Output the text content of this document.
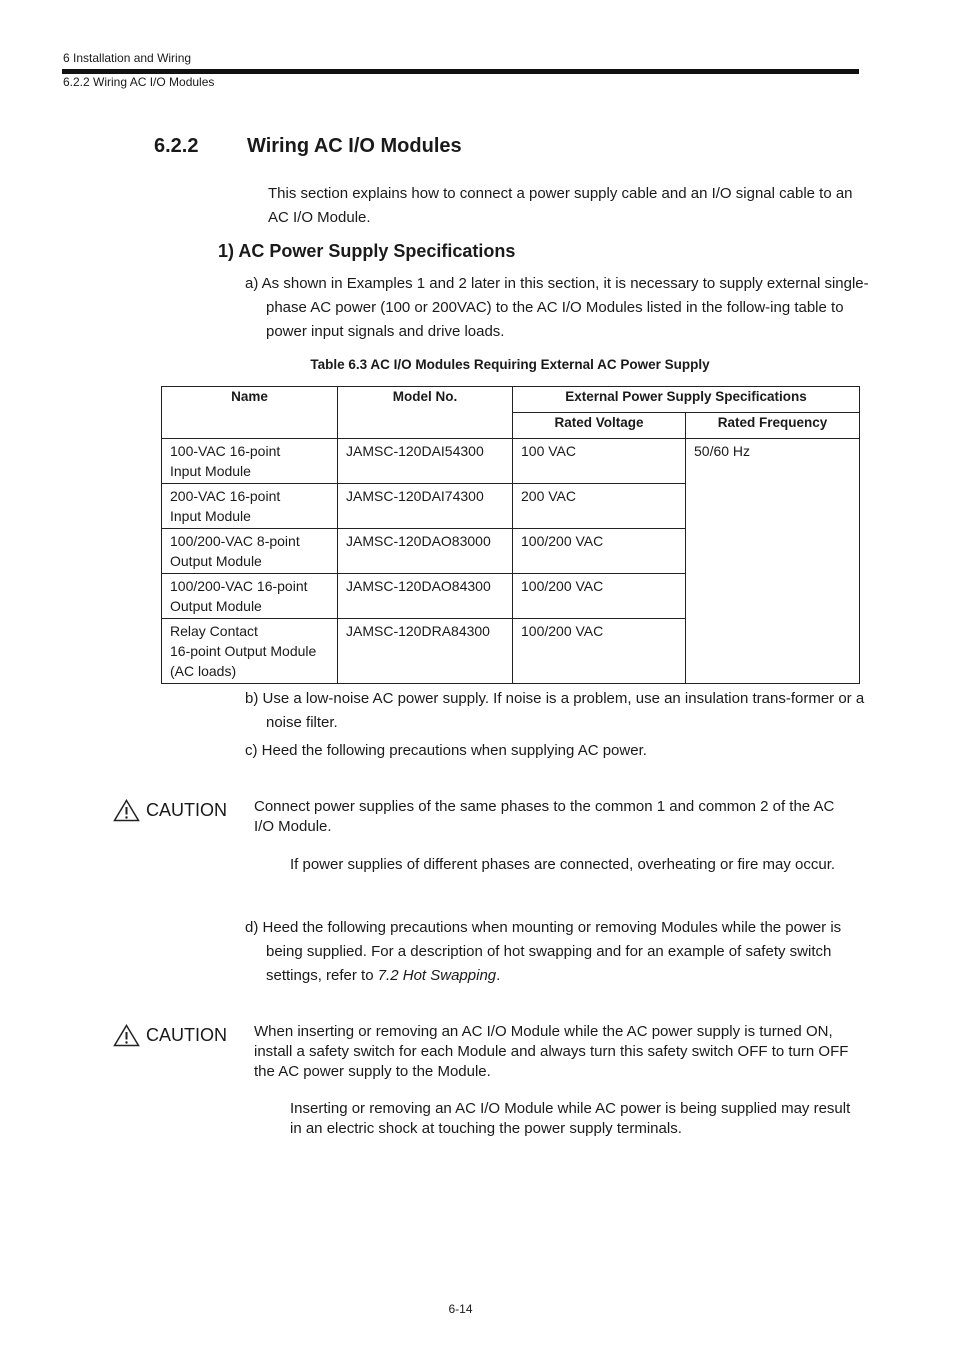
6 Installation and Wiring
6.2.2 Wiring AC I/O Modules
6.2.2 Wiring AC I/O Modules
This section explains how to connect a power supply cable and an I/O signal cable to an AC I/O Module.
1) AC Power Supply Specifications
a) As shown in Examples 1 and 2 later in this section, it is necessary to supply external single-phase AC power (100 or 200VAC) to the AC I/O Modules listed in the follow-ing table to power input signals and drive loads.
Table 6.3 AC I/O Modules Requiring External AC Power Supply
Name	Model No.	External Power Supply Specifications	
		Rated Voltage	Rated Frequency
100-VAC 16-point
Input Module	JAMSC-120DAI54300	100 VAC	50/60 Hz
200-VAC 16-point
Input Module	JAMSC-120DAI74300	200 VAC	
100/200-VAC 8-point
Output Module	JAMSC-120DAO83000	100/200 VAC	
100/200-VAC 16-point
Output Module	JAMSC-120DAO84300	100/200 VAC	
Relay Contact
16-point Output Module
(AC loads)	JAMSC-120DRA84300	100/200 VAC	
b) Use a low-noise AC power supply. If noise is a problem, use an insulation trans-former or a noise filter.
c) Heed the following precautions when supplying AC power.
CAUTION Connect power supplies of the same phases to the common 1 and common 2 of the AC I/O Module.
If power supplies of different phases are connected, overheating or fire may occur.
d) Heed the following precautions when mounting or removing Modules while the power is being supplied. For a description of hot swapping and for an example of safety switch settings, refer to 7.2 Hot Swapping.
CAUTION When inserting or removing an AC I/O Module while the AC power supply is turned ON, install a safety switch for each Module and always turn this safety switch OFF to turn OFF the AC power supply to the Module.
Inserting or removing an AC I/O Module while AC power is being supplied may result in an electric shock at touching the power supply terminals.
6-14
